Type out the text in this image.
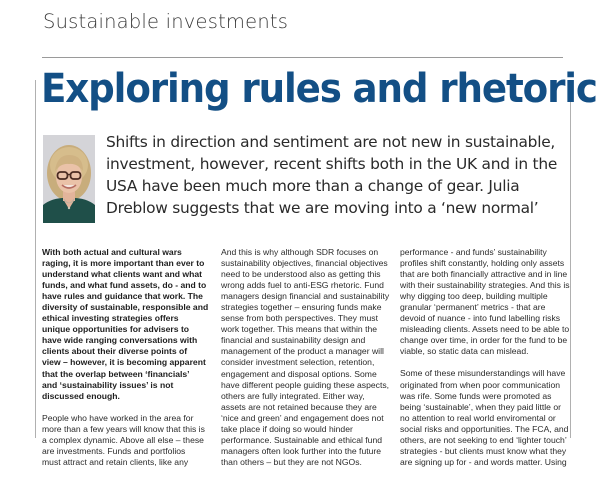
Sustainable investments
Exploring rules and rhetoric
Shifts in direction and sentiment are not new in sustainable,
investment, however, recent shifts both in the UK and in the
USA have been much more than a change of gear. Julia
Dreblow suggests that we are moving into a ‘new normal’

With both actual and cultural wars
raging, it is more important than ever to
understand what clients want and what
funds, and what fund assets, do - and to
have rules and guidance that work. The
diversity of sustainable, responsible and
ethical investing strategies offers
unique opportunities for advisers to
have wide ranging conversations with
clients about their diverse points of
view – however, it is becoming apparent
that the overlap between ‘financials’
and ‘sustainability issues’ is not
discussed enough.

People who have worked in the area for
more than a few years will know that this is
a complex dynamic. Above all else – these
are investments. Funds and portfolios
must attract and retain clients, like any

And this is why although SDR focuses on
sustainability objectives, financial objectives
need to be understood also as getting this
wrong adds fuel to anti-ESG rhetoric. Fund
managers design financial and sustainability
strategies together – ensuring funds make
sense from both perspectives. They must
work together. This means that within the
financial and sustainability design and
management of the product a manager will
consider investment selection, retention,
engagement and disposal options. Some
have different people guiding these aspects,
others are fully integrated. Either way,
assets are not retained because they are
‘nice and green’ and engagement does not
take place if doing so would hinder
performance. Sustainable and ethical fund
managers often look further into the future
than others – but they are not NGOs.

performance - and funds’ sustainability
profiles shift constantly, holding only assets
that are both financially attractive and in line
with their sustainability strategies. And this is
why digging too deep, building multiple
granular ‘permanent’ metrics - that are
devoid of nuance - into fund labelling risks
misleading clients. Assets need to be able to
change over time, in order for the fund to be
viable, so static data can mislead.

Some of these misunderstandings will have
originated from when poor communication
was rife. Some funds were promoted as
being ‘sustainable’, when they paid little or
no attention to real world enviromental or
social risks and opportunities. The FCA, and
others, are not seeking to end ‘lighter touch’
strategies - but clients must know what they
are signing up for - and words matter. Using
